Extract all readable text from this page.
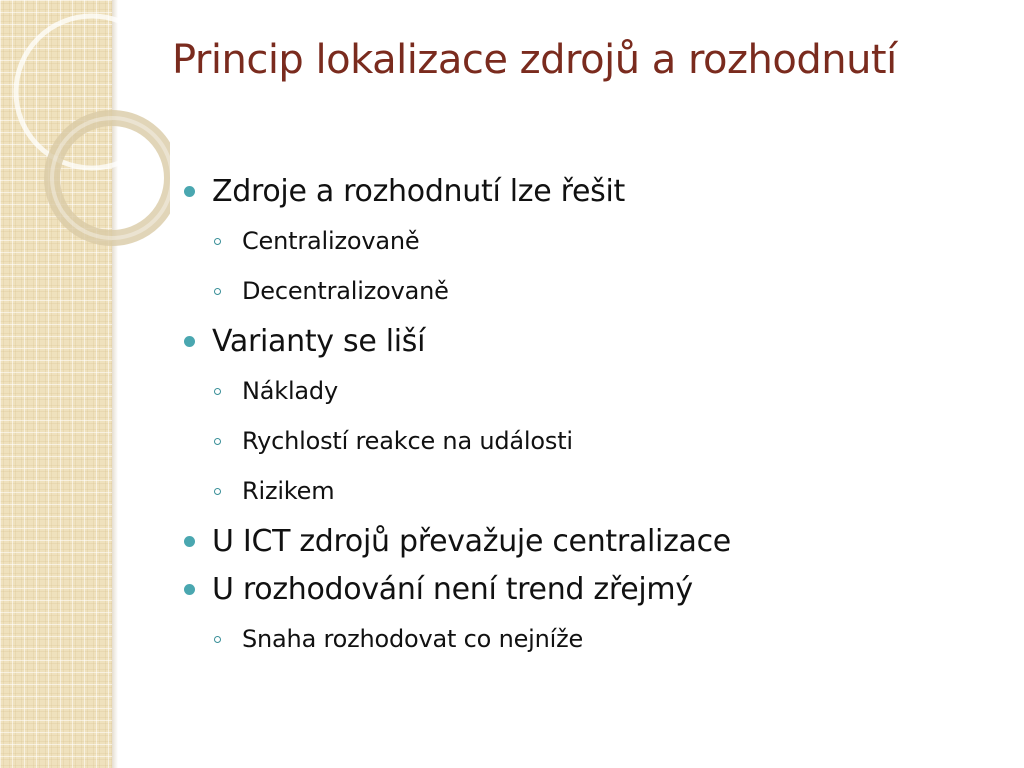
Princip lokalizace zdrojů a rozhodnutí
Zdroje a rozhodnutí lze řešit
Centralizovaně
Decentralizovaně
Varianty se liší
Náklady
Rychlostí reakce na události
Rizikem
U ICT zdrojů převažuje centralizace
U rozhodování není trend zřejmý
Snaha rozhodovat co nejníže
